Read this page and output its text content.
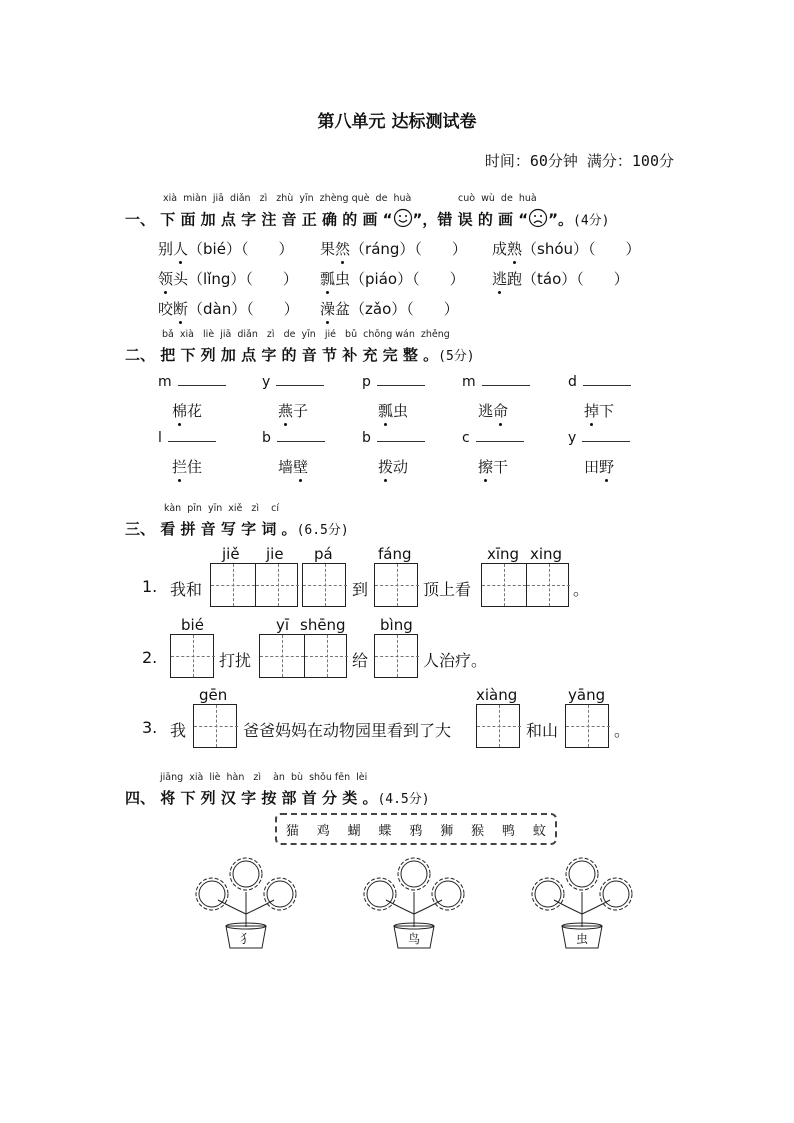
第八单元 达标测试卷
时间：60分钟 满分：100分
xià  miàn  jiā  diǎn   zì   zhù  yīn  zhèng què  de  huà	cuò  wù  de  huà
一、 下 面 加 点 字 注 音 正 确 的 画 “ ”，错 误 的 画 “ ”。(4分)
别人（bié）（　　） 果然（ráng）（　　） 成熟（shóu）（　　）
领头（lǐng）（　　） 瓢虫（piáo）（　　） 逃跑（táo）（　　）
咬断（dàn）（　　） 澡盆（zǎo）（　　）
bǎ  xià   liè  jiā  diǎn   zì   de  yīn   jié   bǔ  chōng wán  zhěng
二、 把 下 列 加 点 字 的 音 节 补 充 完 整 。(5分)
m	y	p	m	d
棉花	燕子	瓢虫	逃命	掉下
l	b	b	c	y
拦住	墙壁	拨动	擦干	田野
kàn  pīn  yīn  xiě   zì    cí
三、 看 拼 音 写 字 词 。(6.5分)
1. 我和
jiě jie pá
到
fáng
顶上看
xīng xing
。
2.
bié
打扰
yī shēng
给
bìng
人治疗。
3. 我
gēn
爸爸妈妈在动物园里看到了大
xiàng
和山
yāng
。
jiāng  xià  liè  hàn   zì    àn  bù  shǒu fēn  lèi
四、 将 下 列 汉 字 按 部 首 分 类 。(4.5分)
猫 鸡 蝴 蝶 鸦 狮 猴 鸭 蚊
犭	鸟	虫
